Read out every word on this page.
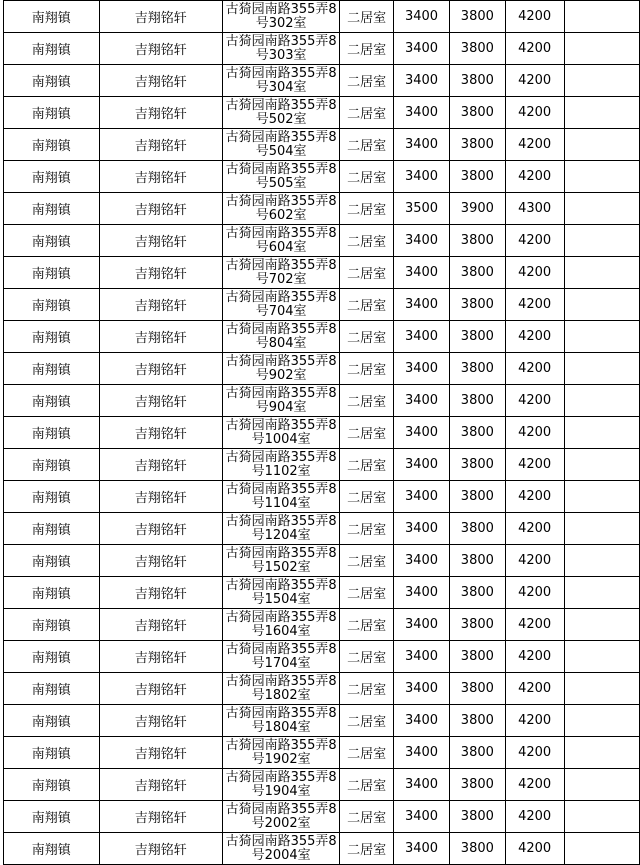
南翔镇	吉翔铭轩	古猗园南路355弄8号302室	二居室	3400	3800	4200	
南翔镇	吉翔铭轩	古猗园南路355弄8号303室	二居室	3400	3800	4200	
南翔镇	吉翔铭轩	古猗园南路355弄8号304室	二居室	3400	3800	4200	
南翔镇	吉翔铭轩	古猗园南路355弄8号502室	二居室	3400	3800	4200	
南翔镇	吉翔铭轩	古猗园南路355弄8号504室	二居室	3400	3800	4200	
南翔镇	吉翔铭轩	古猗园南路355弄8号505室	二居室	3400	3800	4200	
南翔镇	吉翔铭轩	古猗园南路355弄8号602室	二居室	3500	3900	4300	
南翔镇	吉翔铭轩	古猗园南路355弄8号604室	二居室	3400	3800	4200	
南翔镇	吉翔铭轩	古猗园南路355弄8号702室	二居室	3400	3800	4200	
南翔镇	吉翔铭轩	古猗园南路355弄8号704室	二居室	3400	3800	4200	
南翔镇	吉翔铭轩	古猗园南路355弄8号804室	二居室	3400	3800	4200	
南翔镇	吉翔铭轩	古猗园南路355弄8号902室	二居室	3400	3800	4200	
南翔镇	吉翔铭轩	古猗园南路355弄8号904室	二居室	3400	3800	4200	
南翔镇	吉翔铭轩	古猗园南路355弄8号1004室	二居室	3400	3800	4200	
南翔镇	吉翔铭轩	古猗园南路355弄8号1102室	二居室	3400	3800	4200	
南翔镇	吉翔铭轩	古猗园南路355弄8号1104室	二居室	3400	3800	4200	
南翔镇	吉翔铭轩	古猗园南路355弄8号1204室	二居室	3400	3800	4200	
南翔镇	吉翔铭轩	古猗园南路355弄8号1502室	二居室	3400	3800	4200	
南翔镇	吉翔铭轩	古猗园南路355弄8号1504室	二居室	3400	3800	4200	
南翔镇	吉翔铭轩	古猗园南路355弄8号1604室	二居室	3400	3800	4200	
南翔镇	吉翔铭轩	古猗园南路355弄8号1704室	二居室	3400	3800	4200	
南翔镇	吉翔铭轩	古猗园南路355弄8号1802室	二居室	3400	3800	4200	
南翔镇	吉翔铭轩	古猗园南路355弄8号1804室	二居室	3400	3800	4200	
南翔镇	吉翔铭轩	古猗园南路355弄8号1902室	二居室	3400	3800	4200	
南翔镇	吉翔铭轩	古猗园南路355弄8号1904室	二居室	3400	3800	4200	
南翔镇	吉翔铭轩	古猗园南路355弄8号2002室	二居室	3400	3800	4200	
南翔镇	吉翔铭轩	古猗园南路355弄8号2004室	二居室	3400	3800	4200	
